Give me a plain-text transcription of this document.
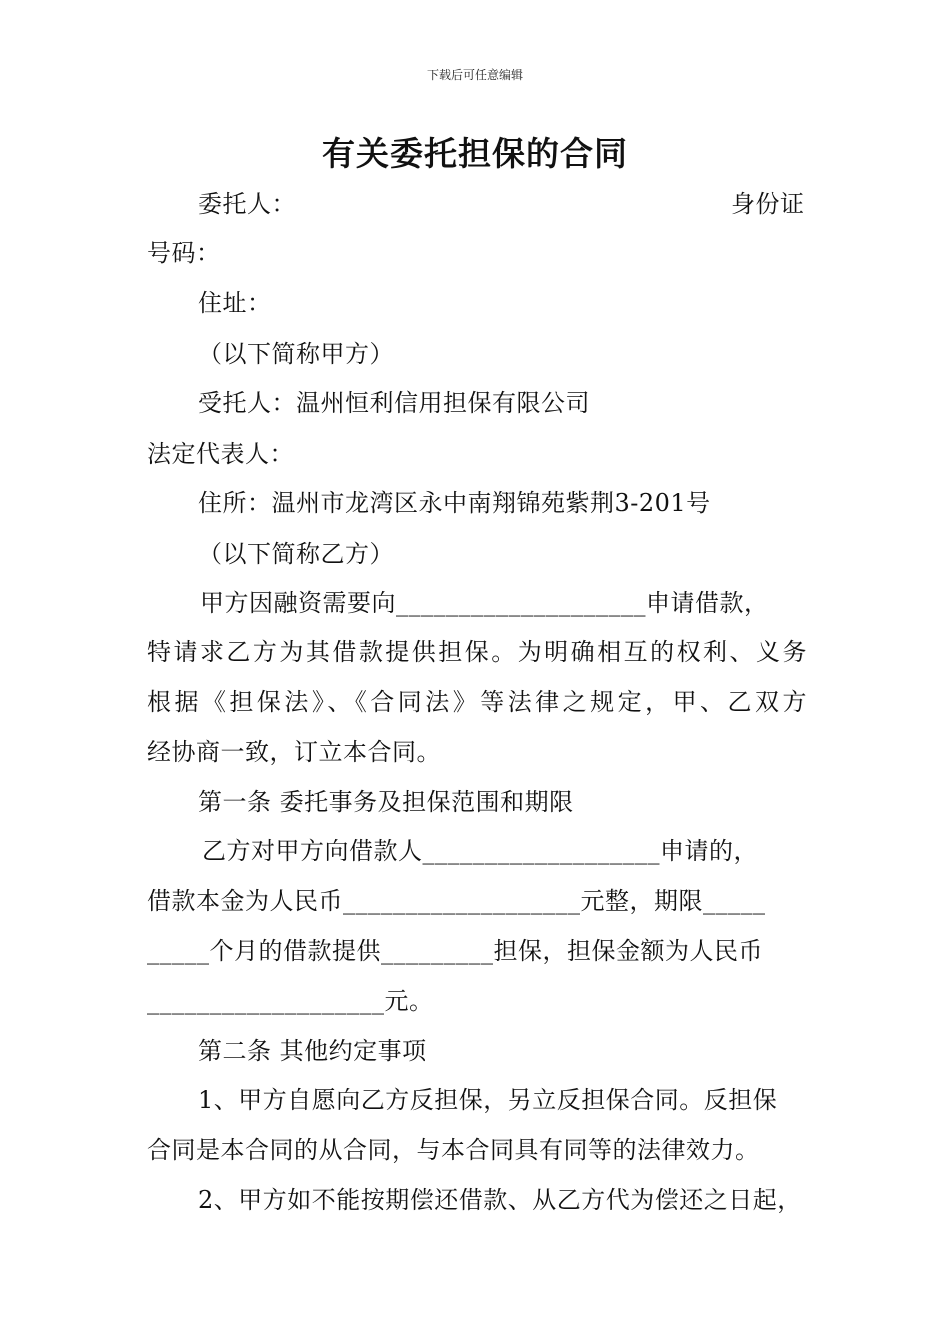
下载后可任意编辑
有关委托担保的合同
委托人：	身份证
号码：
住址：
（以下简称甲方）
受托人：温州恒利信用担保有限公司
法定代表人：
住所：温州市龙湾区永中南翔锦苑紫荆3-201号
（以下简称乙方）
甲方因融资需要向____________________申请借款，
特请求乙方为其借款提供担保。为明确相互的权利、义务
根据《担保法》、《合同法》等法律之规定，甲、乙双方
经协商一致，订立本合同。
第一条 委托事务及担保范围和期限
乙方对甲方向借款人___________________申请的，
借款本金为人民币___________________元整，期限_____
_____个月的借款提供_________担保，担保金额为人民币
___________________元。
第二条 其他约定事项
1、甲方自愿向乙方反担保，另立反担保合同。反担保
合同是本合同的从合同，与本合同具有同等的法律效力。
2、甲方如不能按期偿还借款、从乙方代为偿还之日起，
